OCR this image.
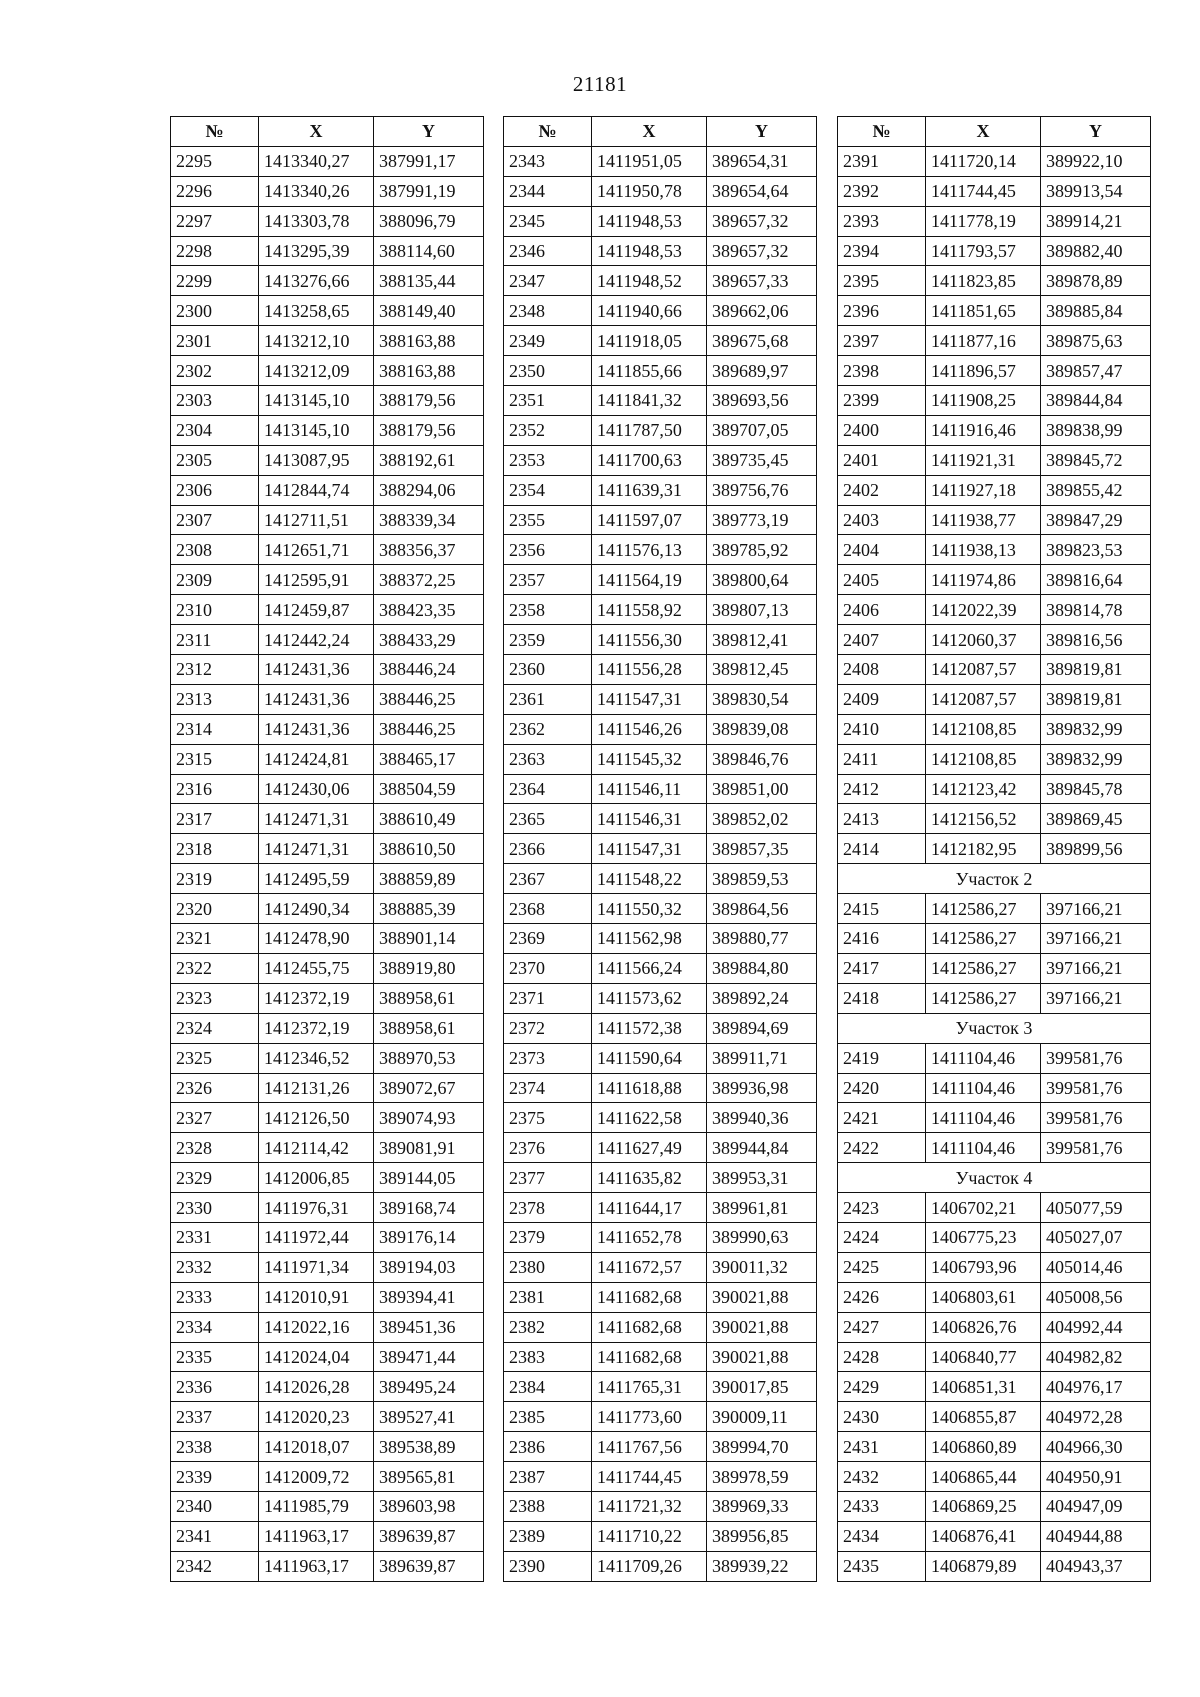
21181
№	X	Y
2295	1413340,27	387991,17
2296	1413340,26	387991,19
2297	1413303,78	388096,79
2298	1413295,39	388114,60
2299	1413276,66	388135,44
2300	1413258,65	388149,40
2301	1413212,10	388163,88
2302	1413212,09	388163,88
2303	1413145,10	388179,56
2304	1413145,10	388179,56
2305	1413087,95	388192,61
2306	1412844,74	388294,06
2307	1412711,51	388339,34
2308	1412651,71	388356,37
2309	1412595,91	388372,25
2310	1412459,87	388423,35
2311	1412442,24	388433,29
2312	1412431,36	388446,24
2313	1412431,36	388446,25
2314	1412431,36	388446,25
2315	1412424,81	388465,17
2316	1412430,06	388504,59
2317	1412471,31	388610,49
2318	1412471,31	388610,50
2319	1412495,59	388859,89
2320	1412490,34	388885,39
2321	1412478,90	388901,14
2322	1412455,75	388919,80
2323	1412372,19	388958,61
2324	1412372,19	388958,61
2325	1412346,52	388970,53
2326	1412131,26	389072,67
2327	1412126,50	389074,93
2328	1412114,42	389081,91
2329	1412006,85	389144,05
2330	1411976,31	389168,74
2331	1411972,44	389176,14
2332	1411971,34	389194,03
2333	1412010,91	389394,41
2334	1412022,16	389451,36
2335	1412024,04	389471,44
2336	1412026,28	389495,24
2337	1412020,23	389527,41
2338	1412018,07	389538,89
2339	1412009,72	389565,81
2340	1411985,79	389603,98
2341	1411963,17	389639,87
2342	1411963,17	389639,87
№	X	Y
2343	1411951,05	389654,31
2344	1411950,78	389654,64
2345	1411948,53	389657,32
2346	1411948,53	389657,32
2347	1411948,52	389657,33
2348	1411940,66	389662,06
2349	1411918,05	389675,68
2350	1411855,66	389689,97
2351	1411841,32	389693,56
2352	1411787,50	389707,05
2353	1411700,63	389735,45
2354	1411639,31	389756,76
2355	1411597,07	389773,19
2356	1411576,13	389785,92
2357	1411564,19	389800,64
2358	1411558,92	389807,13
2359	1411556,30	389812,41
2360	1411556,28	389812,45
2361	1411547,31	389830,54
2362	1411546,26	389839,08
2363	1411545,32	389846,76
2364	1411546,11	389851,00
2365	1411546,31	389852,02
2366	1411547,31	389857,35
2367	1411548,22	389859,53
2368	1411550,32	389864,56
2369	1411562,98	389880,77
2370	1411566,24	389884,80
2371	1411573,62	389892,24
2372	1411572,38	389894,69
2373	1411590,64	389911,71
2374	1411618,88	389936,98
2375	1411622,58	389940,36
2376	1411627,49	389944,84
2377	1411635,82	389953,31
2378	1411644,17	389961,81
2379	1411652,78	389990,63
2380	1411672,57	390011,32
2381	1411682,68	390021,88
2382	1411682,68	390021,88
2383	1411682,68	390021,88
2384	1411765,31	390017,85
2385	1411773,60	390009,11
2386	1411767,56	389994,70
2387	1411744,45	389978,59
2388	1411721,32	389969,33
2389	1411710,22	389956,85
2390	1411709,26	389939,22
№	X	Y
2391	1411720,14	389922,10
2392	1411744,45	389913,54
2393	1411778,19	389914,21
2394	1411793,57	389882,40
2395	1411823,85	389878,89
2396	1411851,65	389885,84
2397	1411877,16	389875,63
2398	1411896,57	389857,47
2399	1411908,25	389844,84
2400	1411916,46	389838,99
2401	1411921,31	389845,72
2402	1411927,18	389855,42
2403	1411938,77	389847,29
2404	1411938,13	389823,53
2405	1411974,86	389816,64
2406	1412022,39	389814,78
2407	1412060,37	389816,56
2408	1412087,57	389819,81
2409	1412087,57	389819,81
2410	1412108,85	389832,99
2411	1412108,85	389832,99
2412	1412123,42	389845,78
2413	1412156,52	389869,45
2414	1412182,95	389899,56
Участок 2		
2415	1412586,27	397166,21
2416	1412586,27	397166,21
2417	1412586,27	397166,21
2418	1412586,27	397166,21
Участок 3		
2419	1411104,46	399581,76
2420	1411104,46	399581,76
2421	1411104,46	399581,76
2422	1411104,46	399581,76
Участок 4		
2423	1406702,21	405077,59
2424	1406775,23	405027,07
2425	1406793,96	405014,46
2426	1406803,61	405008,56
2427	1406826,76	404992,44
2428	1406840,77	404982,82
2429	1406851,31	404976,17
2430	1406855,87	404972,28
2431	1406860,89	404966,30
2432	1406865,44	404950,91
2433	1406869,25	404947,09
2434	1406876,41	404944,88
2435	1406879,89	404943,37
